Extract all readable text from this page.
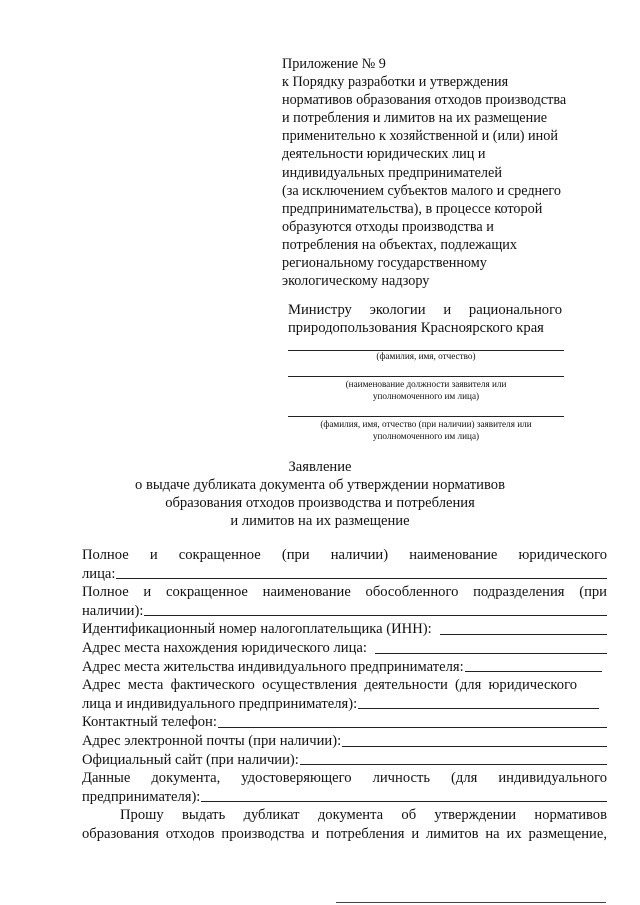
Приложение № 9
к Порядку разработки и утверждения
нормативов образования отходов производства
и потребления и лимитов на их размещение
применительно к хозяйственной и (или) иной
деятельности юридических лиц и
индивидуальных предпринимателей
(за исключением субъектов малого и среднего
предпринимательства), в процессе которой
образуются отходы производства и
потребления на объектах, подлежащих
региональному государственному
экологическому надзору
Министру экологии и рационального
природопользования Красноярского края
(фамилия, имя, отчество)
(наименование должности заявителя или
уполномоченного им лица)
(фамилия, имя, отчество (при наличии) заявителя или
уполномоченного им лица)
Заявление
о выдаче дубликата документа об утверждении нормативов
образования отходов производства и потребления
и лимитов на их размещение
Полное и сокращенное (при наличии) наименование юридического
лица:
Полное и сокращенное наименование обособленного подразделения (при
наличии):
Идентификационный номер налогоплательщика (ИНН):
Адрес места нахождения юридического лица:
Адрес места жительства индивидуального предпринимателя:
Адрес места фактического осуществления деятельности (для юридического
лица и индивидуального предпринимателя):
Контактный телефон:
Адрес электронной почты (при наличии):
Официальный сайт (при наличии):
Данные документа, удостоверяющего личность (для индивидуального
предпринимателя):
Прошу выдать дубликат документа об утверждении нормативов
образования отходов производства и потребления и лимитов на их размещение,
